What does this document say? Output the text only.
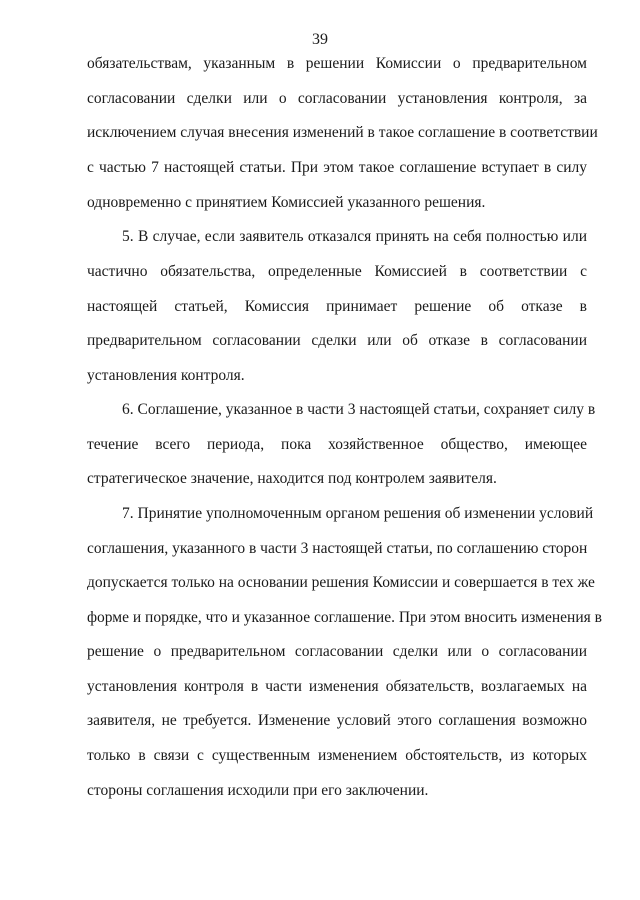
39
обязательствам, указанным в решении Комиссии о предварительном
согласовании сделки или о согласовании установления контроля, за
исключением случая внесения изменений в такое соглашение в соответствии
с частью 7 настоящей статьи. При этом такое соглашение вступает в силу
одновременно с принятием Комиссией указанного решения.
5. В случае, если заявитель отказался принять на себя полностью или
частично обязательства, определенные Комиссией в соответствии с
настоящей статьей, Комиссия принимает решение об отказе в
предварительном согласовании сделки или об отказе в согласовании
установления контроля.
6. Соглашение, указанное в части 3 настоящей статьи, сохраняет силу в
течение всего периода, пока хозяйственное общество, имеющее
стратегическое значение, находится под контролем заявителя.
7. Принятие уполномоченным органом решения об изменении условий
соглашения, указанного в части 3 настоящей статьи, по соглашению сторон
допускается только на основании решения Комиссии и совершается в тех же
форме и порядке, что и указанное соглашение. При этом вносить изменения в
решение о предварительном согласовании сделки или о согласовании
установления контроля в части изменения обязательств, возлагаемых на
заявителя, не требуется. Изменение условий этого соглашения возможно
только в связи с существенным изменением обстоятельств, из которых
стороны соглашения исходили при его заключении.
